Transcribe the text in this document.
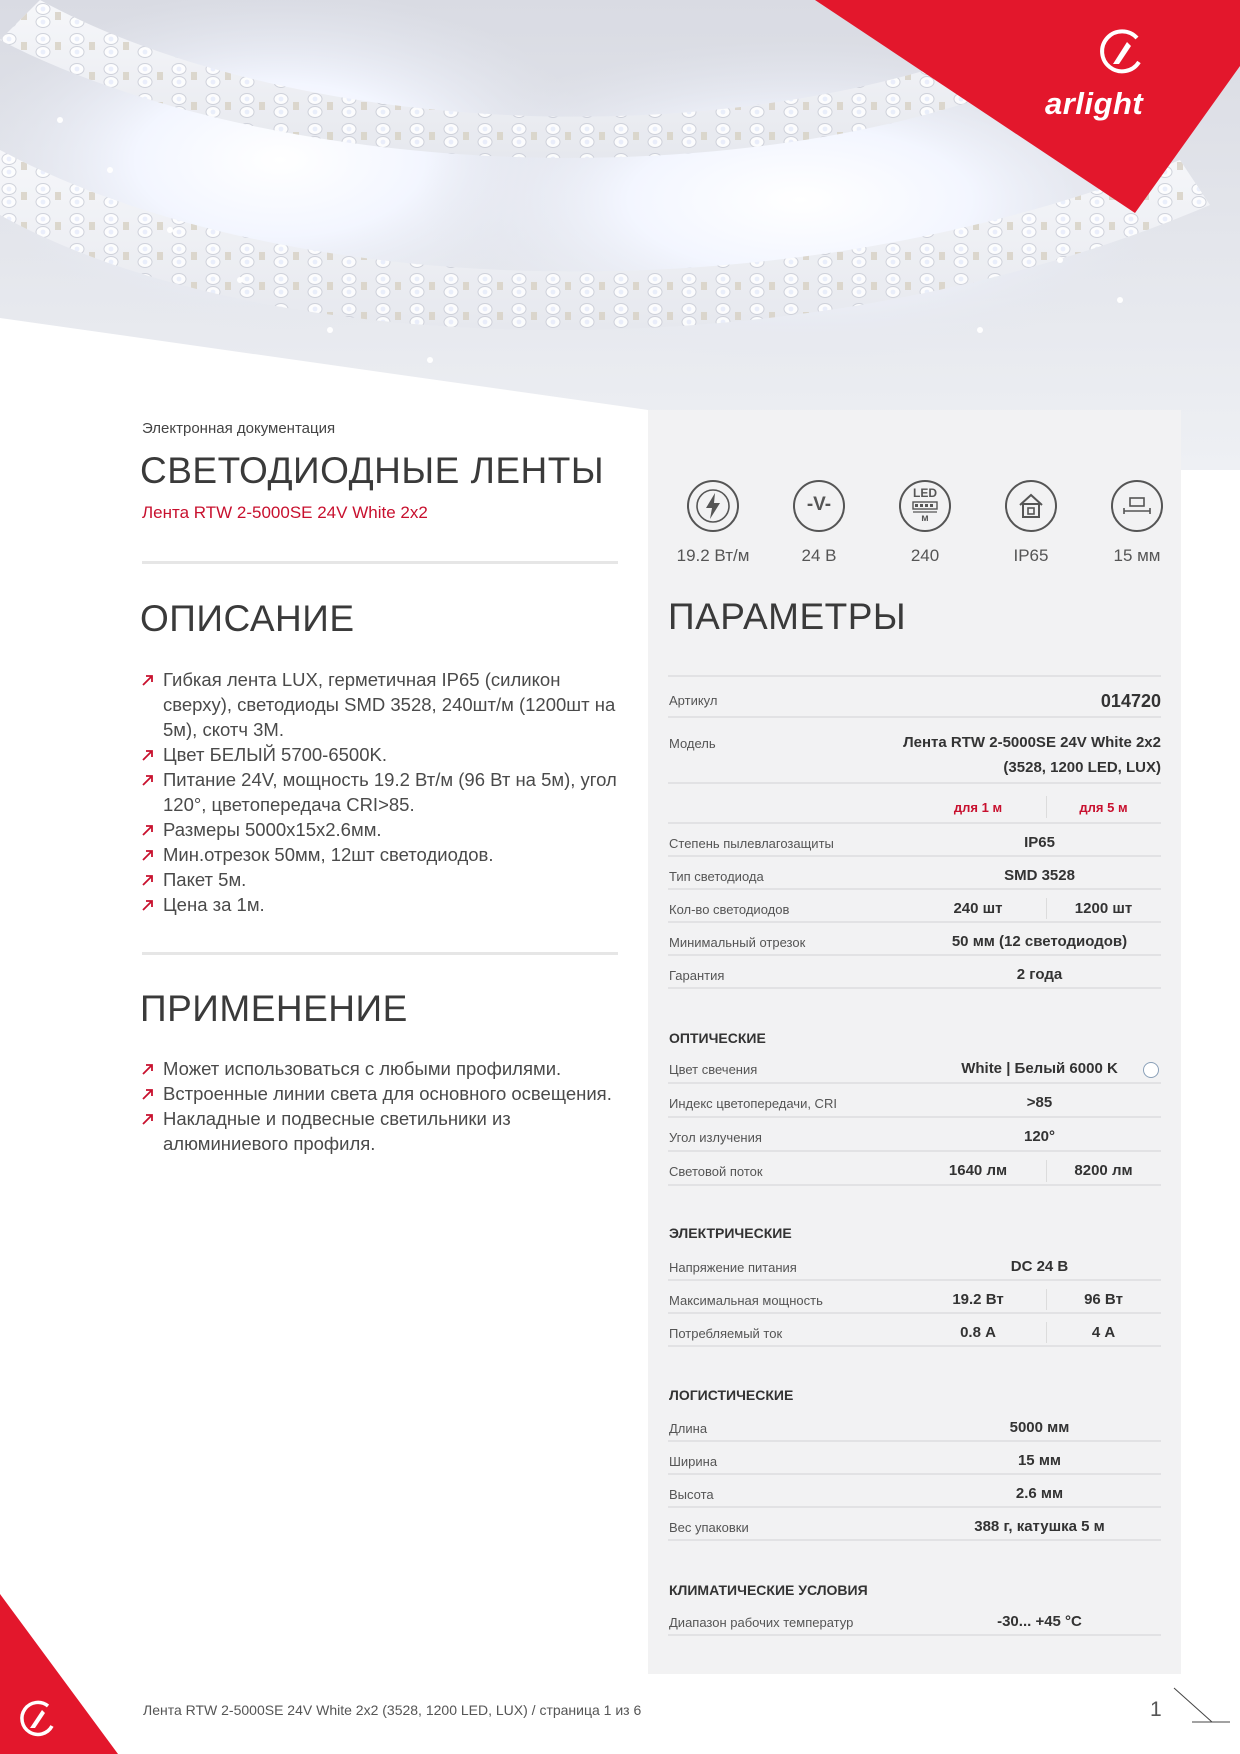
arlight
Электронная документация
СВЕТОДИОДНЫЕ ЛЕНТЫ
Лента RTW 2-5000SE 24V White 2x2
ОПИСАНИЕ
Гибкая лента LUX, герметичная IP65 (силикон сверху), светодиоды SMD 3528, 240шт/м (1200шт на 5м), скотч 3М.
Цвет БЕЛЫЙ 5700-6500K.
Питание 24V, мощность 19.2 Вт/м (96 Вт на 5м), угол 120°, цветопередача CRI>85.
Размеры 5000x15x2.6мм.
Мин.отрезок 50мм, 12шт светодиодов.
Пакет 5м.
Цена за 1м.
ПРИМЕНЕНИЕ
Может использоваться с любыми профилями.
Встроенные линии света для основного освещения.
Накладные и подвесные светильники из алюминиевого профиля.
19.2 Вт/м
-V-
24 В
LED
м
240	IP65	15 мм
ПАРАМЕТРЫ
Артикул	014720
Модель	Лента RTW 2-5000SE 24V White 2x2
(3528, 1200 LED, LUX)
для 1 м	для 5 м
ОПТИЧЕСКИЕ
ЭЛЕКТРИЧЕСКИЕ
ЛОГИСТИЧЕСКИЕ
КЛИМАТИЧЕСКИЕ УСЛОВИЯ
Степень пылевлагозащиты	IP65
Тип светодиода	SMD 3528
Кол-во светодиодов	240 шт	1200 шт
Минимальный отрезок	50 мм (12 светодиодов)
Гарантия	2 года
Цвет свечения	White | Белый 6000 K
Индекс цветопередачи, CRI	>85
Угол излучения	120°
Световой поток	1640 лм	8200 лм
Напряжение питания	DC 24 В
Максимальная мощность	19.2 Вт	96 Вт
Потребляемый ток	0.8 А	4 А
Длина	5000 мм
Ширина	15 мм
Высота	2.6 мм
Вес упаковки	388 г, катушка 5 м
Диапазон рабочих температур	-30... +45 °C
Лента RTW 2-5000SE 24V White 2x2 (3528, 1200 LED, LUX) / страница 1 из 6	1
